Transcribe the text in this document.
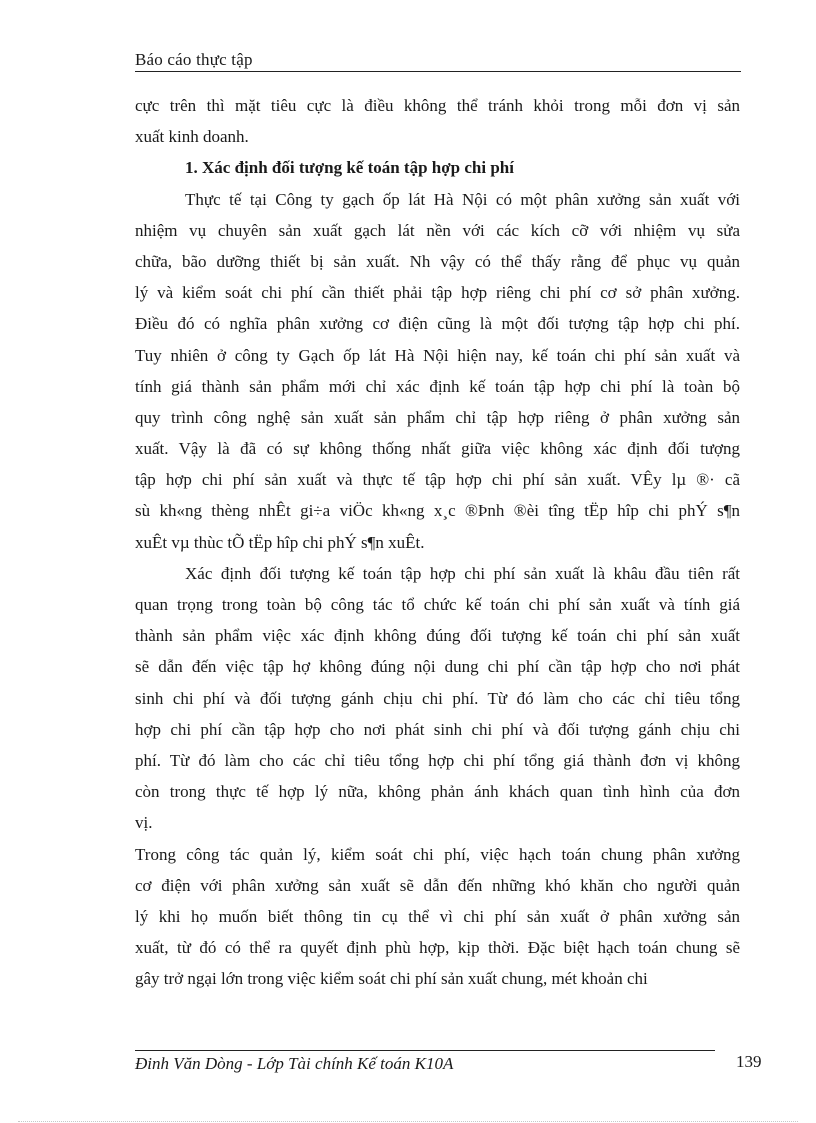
Báo cáo thực tập
cực trên thì mặt tiêu cực là điều không thể tránh khỏi trong mỗi đơn vị sản
xuất kinh doanh.
1. Xác định đối tượng kế toán tập hợp chi phí
Thực tế tại Công ty gạch ốp lát Hà Nội có một phân xưởng sản xuất với
nhiệm vụ chuyên sản xuất gạch lát nền với các kích cỡ với nhiệm vụ sửa
chữa, bão dưỡng thiết bị sản xuất. Nh vậy có thể thấy rằng để phục vụ quản
lý và kiểm soát chi phí cần thiết phải tập hợp riêng chi phí cơ sở phân xưởng.
Điều đó có nghĩa phân xưởng cơ điện cũng là một đối tượng tập hợp chi phí.
Tuy nhiên ở công ty Gạch ốp lát Hà Nội hiện nay, kế toán chi phí sản xuất và
tính giá thành sản phẩm mới chỉ xác định kế toán tập hợp chi phí là toàn bộ
quy trình công nghệ sản xuất sản phẩm chỉ tập hợp riêng ở phân xưởng sản
xuất. Vậy là đã có sự không thống nhất giữa việc không xác định đối tượng
tập hợp chi phí sản xuất và thực tế tập hợp chi phí sản xuất. VÊy lµ ®· cã
sù kh«ng thèng nhÊt gi÷a viÖc kh«ng x¸c ®Þnh ®èi tîng tËp hîp chi phÝ s¶n
xuÊt vµ thùc tÕ tËp hîp chi phÝ s¶n xuÊt.
Xác định đối tượng kế toán tập hợp chi phí sản xuất là khâu đầu tiên rất
quan trọng trong toàn bộ công tác tổ chức kế toán chi phí sản xuất và tính giá
thành sản phẩm việc xác định không đúng đối tượng kế toán chi phí sản xuất
sẽ dẫn đến việc tập hợ không đúng nội dung chi phí cần tập hợp cho nơi phát
sinh chi phí và đối tượng gánh chịu chi phí. Từ đó làm cho các chỉ tiêu tổng
hợp chi phí cần tập hợp cho nơi phát sinh chi phí và đối tượng gánh chịu chi
phí. Từ đó làm cho các chỉ tiêu tổng hợp chi phí tổng giá thành đơn vị không
còn trong thực tế hợp lý nữa, không phản ánh khách quan tình hình của đơn
vị.
Trong công tác quản lý, kiểm soát chi phí, việc hạch toán chung phân xưởng
cơ điện với phân xưởng sản xuất sẽ dẫn đến những khó khăn cho người quản
lý khi họ muốn biết thông tin cụ thể vì chi phí sản xuất ở phân xưởng sản
xuất, từ đó có thể ra quyết định phù hợp, kịp thời. Đặc biệt hạch toán chung sẽ
gây trở ngại lớn trong việc kiểm soát chi phí sản xuất chung, mét khoản chi
Đinh Văn Dòng - Lớp Tài chính Kế toán K10A	139
